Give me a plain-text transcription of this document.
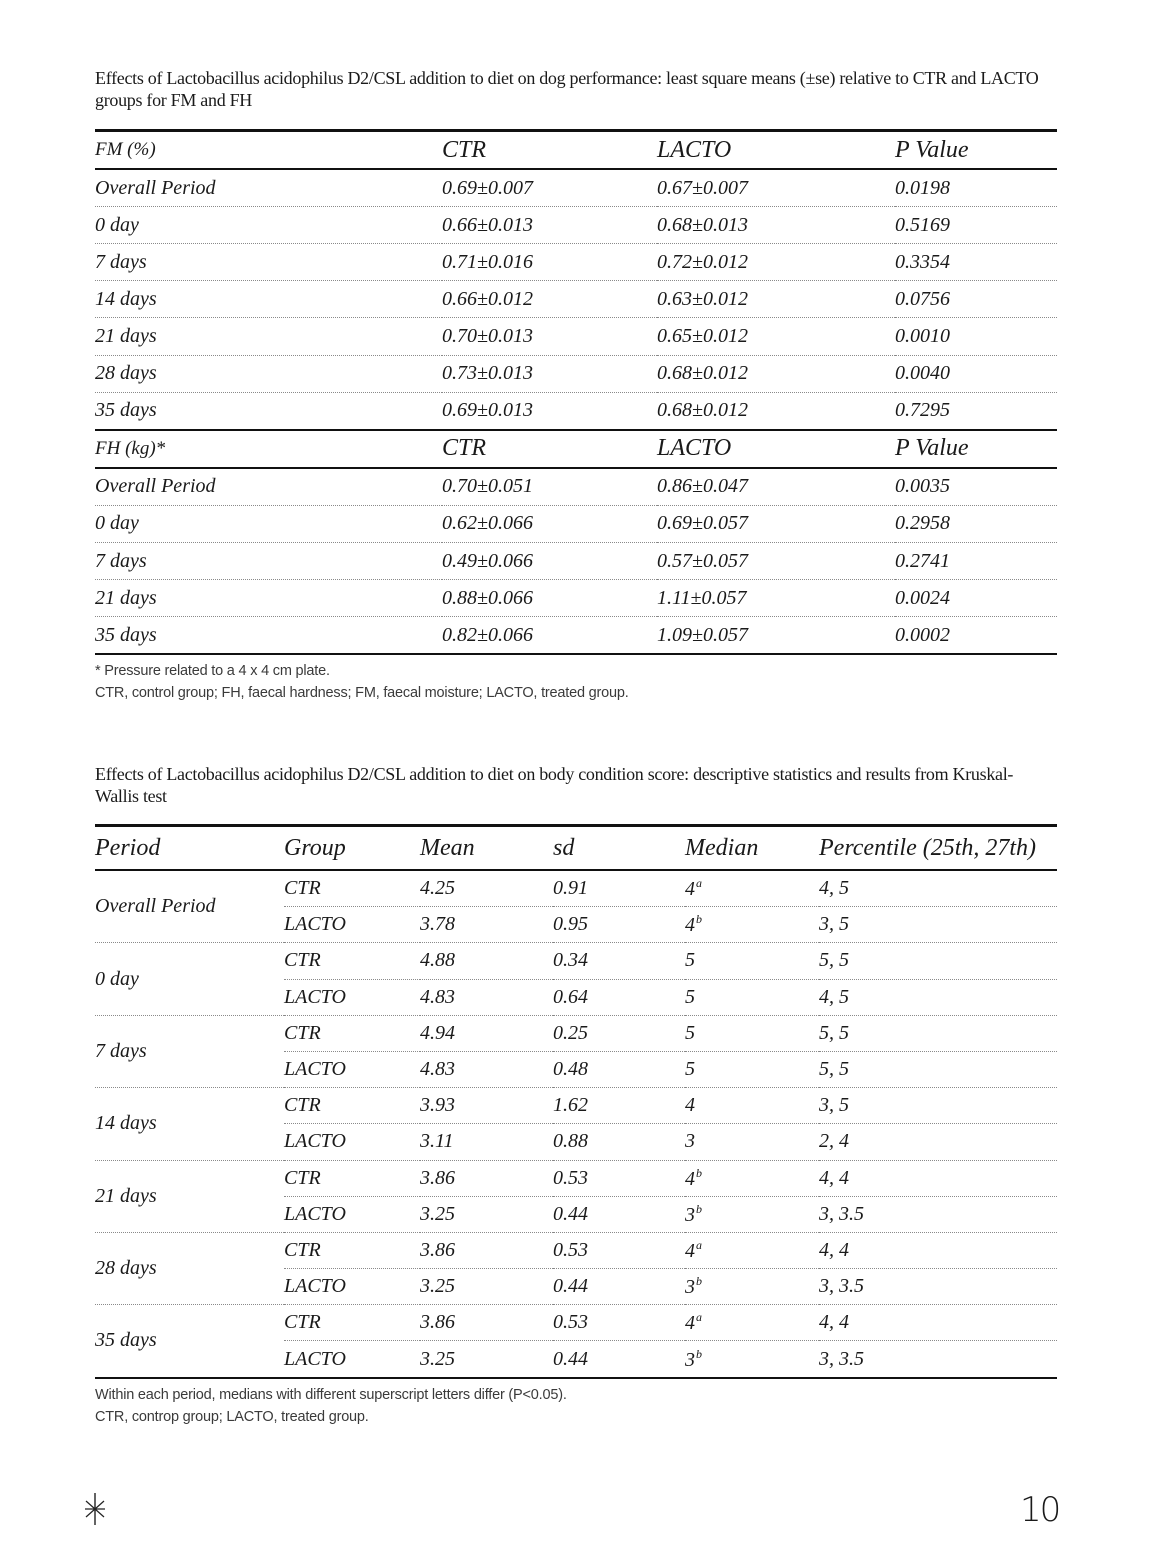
Effects of Lactobacillus acidophilus D2/CSL addition to diet on dog performance: least square means (±se) relative to CTR and LACTO groups for FM and FH
FM (%)	CTR	LACTO	P Value
Overall Period	0.69±0.007	0.67±0.007	0.0198
0 day	0.66±0.013	0.68±0.013	0.5169
7 days	0.71±0.016	0.72±0.012	0.3354
14 days	0.66±0.012	0.63±0.012	0.0756
21 days	0.70±0.013	0.65±0.012	0.0010
28 days	0.73±0.013	0.68±0.012	0.0040
35 days	0.69±0.013	0.68±0.012	0.7295
FH (kg)*	CTR	LACTO	P Value
Overall Period	0.70±0.051	0.86±0.047	0.0035
0 day	0.62±0.066	0.69±0.057	0.2958
7 days	0.49±0.066	0.57±0.057	0.2741
21 days	0.88±0.066	1.11±0.057	0.0024
35 days	0.82±0.066	1.09±0.057	0.0002
* Pressure related to a 4 x 4 cm plate.
CTR, control group; FH, faecal hardness; FM, faecal moisture; LACTO, treated group.
Effects of Lactobacillus acidophilus D2/CSL addition to diet on body condition score: descriptive statistics and results from Kruskal-Wallis test
Period	Group	Mean	sd	Median	Percentile (25th, 27th)
Overall Period	CTR	4.25	0.91	4$^a$	4, 5
	LACTO	3.78	0.95	4$^b$	3, 5
0 day	CTR	4.88	0.34	5	5, 5
	LACTO	4.83	0.64	5	4, 5
7 days	CTR	4.94	0.25	5	5, 5
	LACTO	4.83	0.48	5	5, 5
14 days	CTR	3.93	1.62	4	3, 5
	LACTO	3.11	0.88	3	2, 4
21 days	CTR	3.86	0.53	4$^b$	4, 4
	LACTO	3.25	0.44	3$^b$	3, 3.5
28 days	CTR	3.86	0.53	4$^a$	4, 4
	LACTO	3.25	0.44	3$^b$	3, 3.5
35 days	CTR	3.86	0.53	4$^a$	4, 4
	LACTO	3.25	0.44	3$^b$	3, 3.5
Within each period, medians with different superscript letters differ (P<0.05).
CTR, controp group; LACTO, treated group.
10
